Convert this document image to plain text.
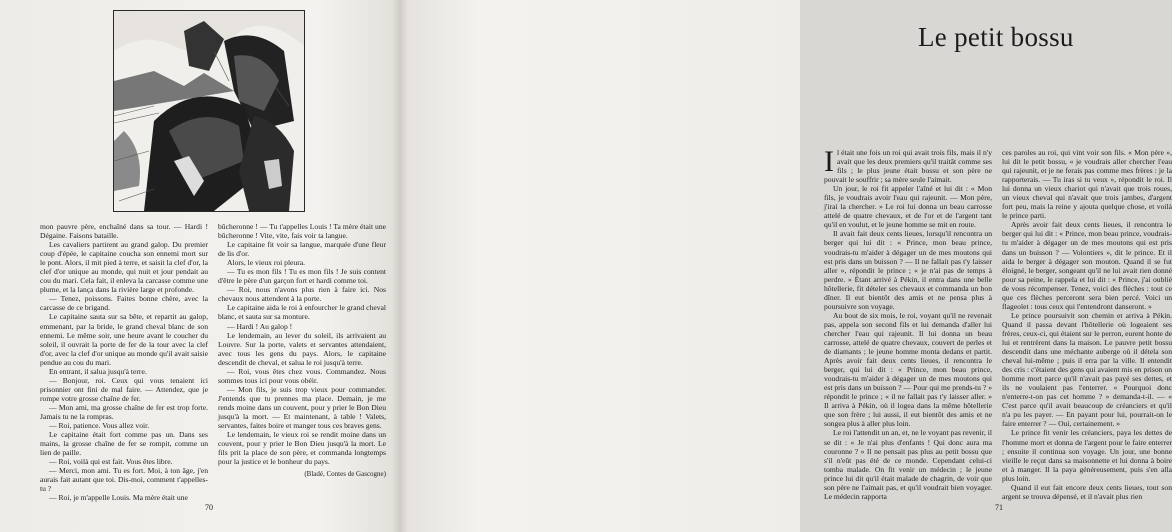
mon pauvre père, enchaîné dans sa tour. — Hardi ! Dégaine. Faisons bataille.

Les cavaliers partirent au grand galop. Du premier coup d'épée, le capitaine coucha son ennemi mort sur le pont. Alors, il mit pied à terre, et saisit la clef d'or, la clef d'or unique au monde, qui nuit et jour pendait au cou du mari. Cela fait, il enleva la carcasse comme une plume, et la lança dans la rivière large et profonde.

— Tenez, poissons. Faites bonne chère, avec la carcasse de ce brigand.

Le capitaine sauta sur sa bête, et repartit au galop, emmenant, par la bride, le grand cheval blanc de son ennemi. Le même soir, une heure avant le coucher du soleil, il ouvrait la porte de fer de la tour avec la clef d'or, avec la clef d'or unique au monde qu'il avait saisie pendue au cou du mari.

En entrant, il salua jusqu'à terre.

— Bonjour, roi. Ceux qui vous tenaient ici prisonnier ont fini de mal faire. — Attendez, que je rompe votre grosse chaîne de fer.

— Mon ami, ma grosse chaîne de fer est trop forte. Jamais tu ne la rompras.

— Roi, patience. Vous allez voir.

Le capitaine était fort comme pas un. Dans ses mains, la grosse chaîne de fer se rompit, comme un lien de paille.

— Roi, voilà qui est fait. Vous êtes libre.

— Merci, mon ami. Tu es fort. Moi, à ton âge, j'en aurais fait autant que toi. Dis-moi, comment t'appelles-tu ?

— Roi, je m'appelle Louis. Ma mère était une

bûcheronne ! — Tu t'appelles Louis ! Ta mère était une bûcheronne ! Vite, vite, fais voir ta langue.

Le capitaine fit voir sa langue, marquée d'une fleur de lis d'or.

Alors, le vieux roi pleura.

— Tu es mon fils ! Tu es mon fils ! Je suis content d'être le père d'un garçon fort et hardi comme toi.

— Roi, nous n'avons plus rien à faire ici. Nos chevaux nous attendent à la porte.

Le capitaine aida le roi à enfourcher le grand cheval blanc, et sauta sur sa monture.

— Hardi ! Au galop !

Le lendemain, au lever du soleil, ils arrivaient au Louvre. Sur la porte, valets et servantes attendaient, avec tous les gens du pays. Alors, le capitaine descendit de cheval, et salua le roi jusqu'à terre.

— Roi, vous êtes chez vous. Commandez. Nous sommes tous ici pour vous obéir.

— Mon fils, je suis trop vieux pour commander. J'entends que tu prennes ma place. Demain, je me rends moine dans un couvent, pour y prier le Bon Dieu jusqu'à la mort. — Et maintenant, à table ! Valets, servantes, faites boire et manger tous ces braves gens.

Le lendemain, le vieux roi se rendit moine dans un couvent, pour y prier le Bon Dieu jusqu'à la mort. Le fils prit la place de son père, et commanda longtemps pour la justice et le bonheur du pays.

(Bladé, Contes de Gascogne)

70
Le petit bossu

Il était une fois un roi qui avait trois fils, mais il n'y avait que les deux premiers qu'il traitât comme ses fils ; le plus jeune était bossu et son père ne pouvait le souffrir ; sa mère seule l'aimait.

Un jour, le roi fit appeler l'aîné et lui dit : « Mon fils, je voudrais avoir l'eau qui rajeunit. — Mon père, j'irai la chercher. » Le roi lui donna un beau carrosse attelé de quatre chevaux, et de l'or et de l'argent tant qu'il en voulut, et le jeune homme se mit en route.

Il avait fait deux cents lieues, lorsqu'il rencontra un berger qui lui dit : « Prince, mon beau prince, voudrais-tu m'aider à dégager un de mes moutons qui est pris dans un buisson ? — Il ne fallait pas t'y laisser aller », répondit le prince ; « je n'ai pas de temps à perdre. » Étant arrivé à Pékin, il entra dans une belle hôtellerie, fit dételer ses chevaux et commanda un bon dîner. Il eut bientôt des amis et ne pensa plus à poursuivre son voyage.

Au bout de six mois, le roi, voyant qu'il ne revenait pas, appela son second fils et lui demanda d'aller lui chercher l'eau qui rajeunit. Il lui donna un beau carrosse, attelé de quatre chevaux, couvert de perles et de diamants ; le jeune homme monta dedans et partit. Après avoir fait deux cents lieues, il rencontra le berger, qui lui dit : « Prince, mon beau prince, voudrais-tu m'aider à dégager un de mes moutons qui est pris dans un buisson ? — Pour qui me prends-tu ? » répondit le prince ; « il ne fallait pas t'y laisser aller. » Il arriva à Pékin, où il logea dans la même hôtellerie que son frère ; lui aussi, il eut bientôt des amis et ne songea plus à aller plus loin.

Le roi l'attendit un an, et, ne le voyant pas revenir, il se dit : « Je n'ai plus d'enfants ! Qui donc aura ma couronne ? » Il ne pensait pas plus au petit bossu que s'il n'eût pas été de ce monde. Cependant celui-ci tomba malade. On fit venir un médecin ; le jeune prince lui dit qu'il était malade de chagrin, de voir que son père ne l'aimait pas, et qu'il voudrait bien voyager. Le médecin rapporta

ces paroles au roi, qui vint voir son fils. « Mon père », lui dit le petit bossu, « je voudrais aller chercher l'eau qui rajeunit, et je ne ferais pas comme mes frères : je la rapporterais. — Tu iras si tu veux », répondit le roi. Il lui donna un vieux chariot qui n'avait que trois roues, un vieux cheval qui n'avait que trois jambes, d'argent fort peu, mais la reine y ajouta quelque chose, et voilà le prince parti.

Après avoir fait deux cents lieues, il rencontra le berger qui lui dit : « Prince, mon beau prince, voudrais-tu m'aider à dégager un de mes moutons qui est pris dans un buisson ? — Volontiers », dit le prince. Et il aida le berger à dégager son mouton. Quand il se fut éloigné, le berger, songeant qu'il ne lui avait rien donné pour sa peine, le rappela et lui dit : « Prince, j'ai oublié de vous récompenser. Tenez, voici des flèches : tout ce que ces flèches perceront sera bien percé. Voici un flageolet : tous ceux qui l'entendront danseront. »

Le prince poursuivit son chemin et arriva à Pékin. Quand il passa devant l'hôtellerie où logeaient ses frères, ceux-ci, qui étaient sur le perron, eurent honte de lui et rentrèrent dans la maison. Le pauvre petit bossu descendit dans une méchante auberge où il dételа son cheval lui-même ; puis il erra par la ville. Il entendit des cris : c'étaient des gens qui avaient mis en prison un homme mort parce qu'il n'avait pas payé ses dettes, et ils ne voulaient pas l'enterrer. « Pourquoi donc n'enterre-t-on pas cet homme ? » demanda-t-il. — « C'est parce qu'il avait beaucoup de créanciers et qu'il n'a pu les payer. — En payant pour lui, pourrait-on le faire enterrer ? — Oui, certainement. »

Le prince fit venir les créanciers, paya les dettes de l'homme mort et donna de l'argent pour le faire enterrer ; ensuite il continua son voyage. Un jour, une bonne vieille le reçut dans sa maisonnette et lui donna à boire et à manger. Il la paya généreusement, puis s'en alla plus loin.

Quand il eut fait encore deux cents lieues, tout son argent se trouva dépensé, et il n'avait plus rien

71
